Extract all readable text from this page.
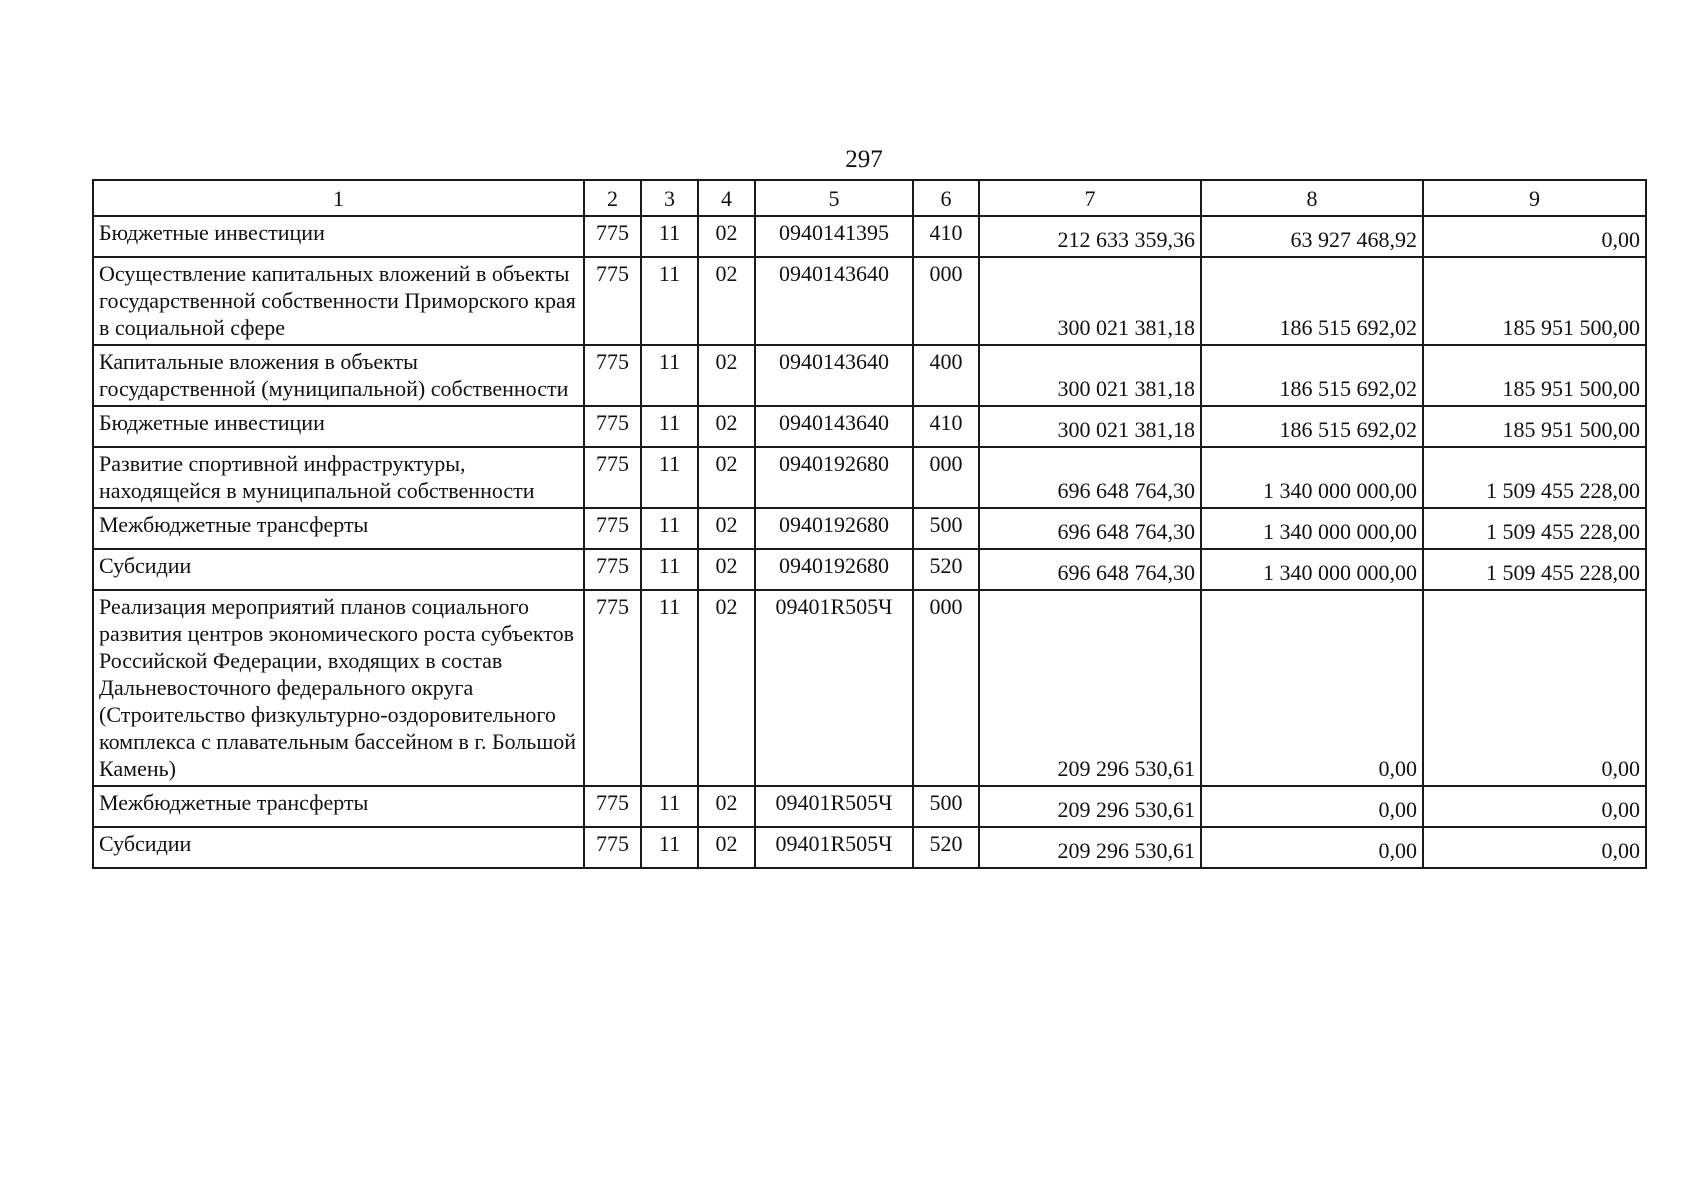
297
1	2	3	4	5	6	7	8	9
Бюджетные инвестиции	775	11	02	0940141395	410	212 633 359,36	63 927 468,92	0,00
Осуществление капитальных вложений в объекты государственной собственности Приморского края в социальной сфере	775	11	02	0940143640	000	300 021 381,18	186 515 692,02	185 951 500,00
Капитальные вложения в объекты государственной (муниципальной) собственности	775	11	02	0940143640	400	300 021 381,18	186 515 692,02	185 951 500,00
Бюджетные инвестиции	775	11	02	0940143640	410	300 021 381,18	186 515 692,02	185 951 500,00
Развитие спортивной инфраструктуры, находящейся в муниципальной собственности	775	11	02	0940192680	000	696 648 764,30	1 340 000 000,00	1 509 455 228,00
Межбюджетные трансферты	775	11	02	0940192680	500	696 648 764,30	1 340 000 000,00	1 509 455 228,00
Субсидии	775	11	02	0940192680	520	696 648 764,30	1 340 000 000,00	1 509 455 228,00
Реализация мероприятий планов социального развития центров экономического роста субъектов Российской Федерации, входящих в состав Дальневосточного федерального округа (Строительство физкультурно-оздоровительного комплекса с плавательным бассейном в г. Большой Камень)	775	11	02	09401R505Ч	000	209 296 530,61	0,00	0,00
Межбюджетные трансферты	775	11	02	09401R505Ч	500	209 296 530,61	0,00	0,00
Субсидии	775	11	02	09401R505Ч	520	209 296 530,61	0,00	0,00
